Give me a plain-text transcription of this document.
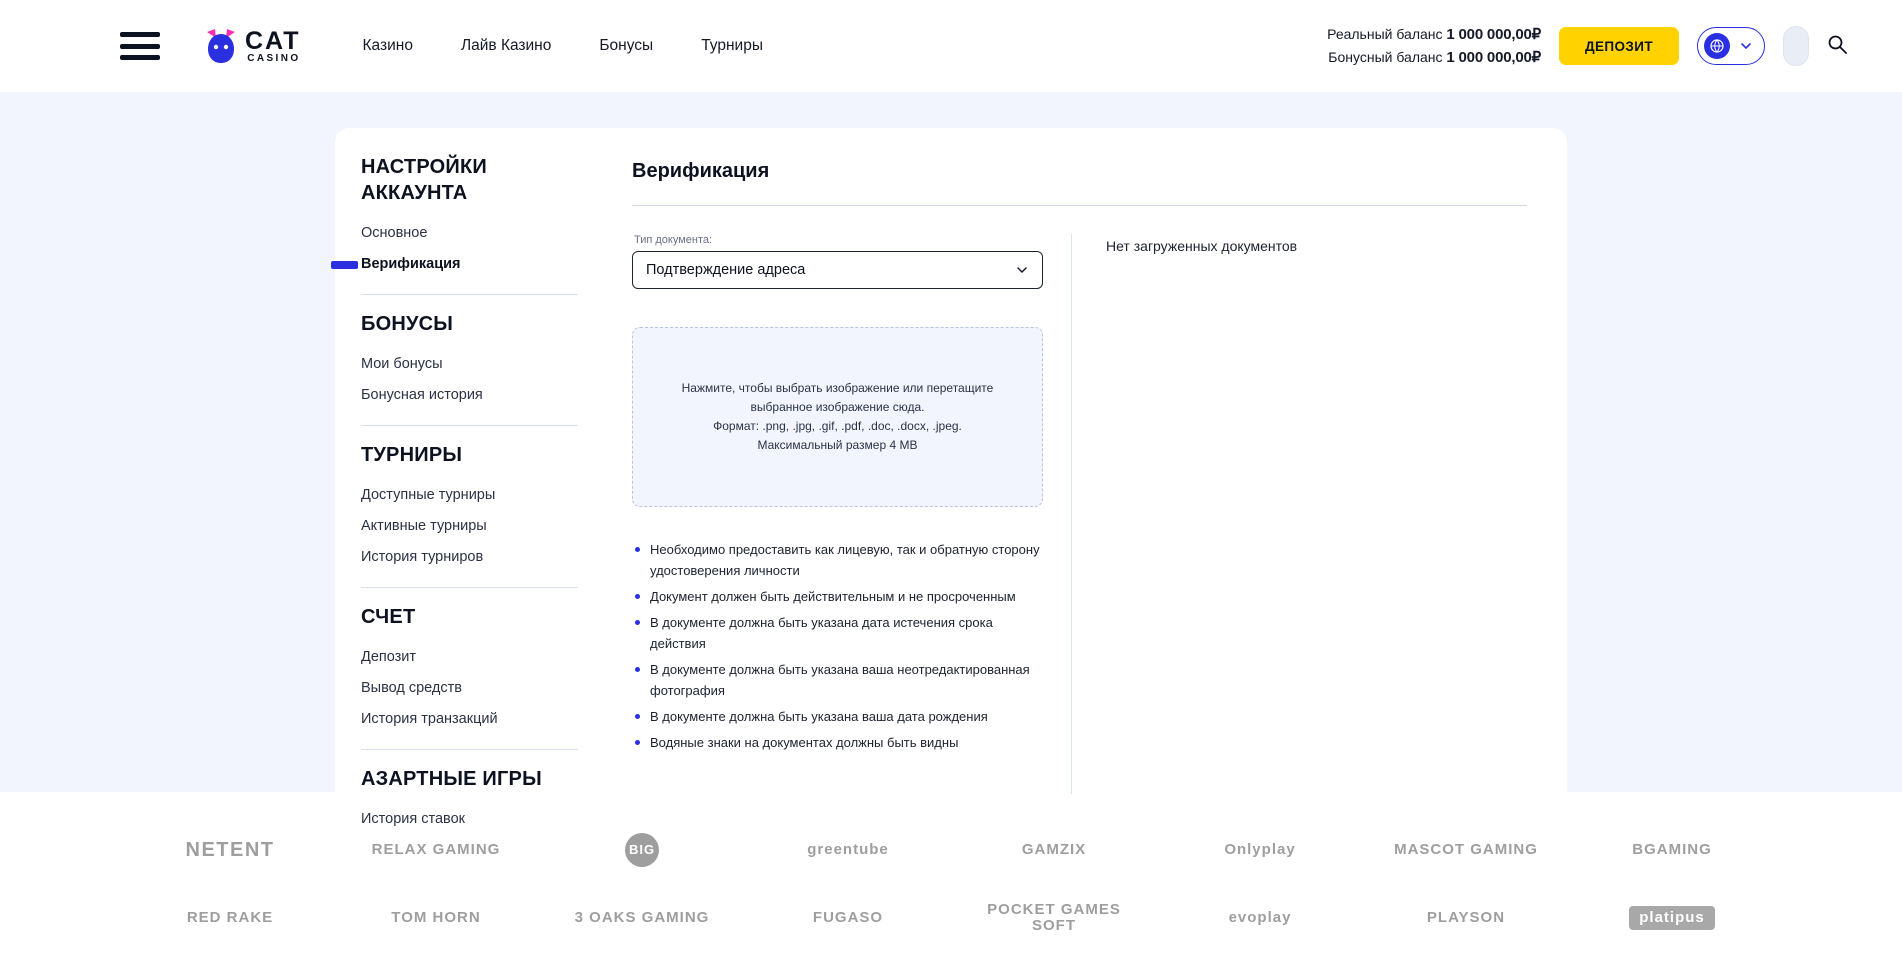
CAT
CASINO
Казино	Лайв Казино	Бонусы	Турниры
Реальный баланс 1 000 000,00₽
Бонусный баланс 1 000 000,00₽
ДЕПОЗИТ
НАСТРОЙКИ АККАУНТА
Основное
Верификация
БОНУСЫ
Мои бонусы
Бонусная история
ТУРНИРЫ
Доступные турниры
Активные турниры
История турниров
СЧЕТ
Депозит
Вывод средств
История транзакций
АЗАРТНЫЕ ИГРЫ
История ставок
Верификация
Тип документа:
Подтверждение адреса
Нажмите, чтобы выбрать изображение или перетащите
выбранное изображение сюда.
Формат: .png, .jpg, .gif, .pdf, .doc, .docx, .jpeg.
Максимальный размер 4 MB
Необходимо предоставить как лицевую, так и обратную сторону удостоверения личности
Документ должен быть действительным и не просроченным
В документе должна быть указана дата истечения срока действия
В документе должна быть указана ваша неотредактированная фотография
В документе должна быть указана ваша дата рождения
Водяные знаки на документах должны быть видны
Нет загруженных документов
NETENT	RELAX GAMING	BIG	greentube	GAMZIX	Onlyplay	MASCOT GAMING	BGAMING
RED RAKE	TOM HORN	3 OAKS GAMING	FUGASO	POCKET GAMES SOFT	evoplay	PLAYSON	platipus
